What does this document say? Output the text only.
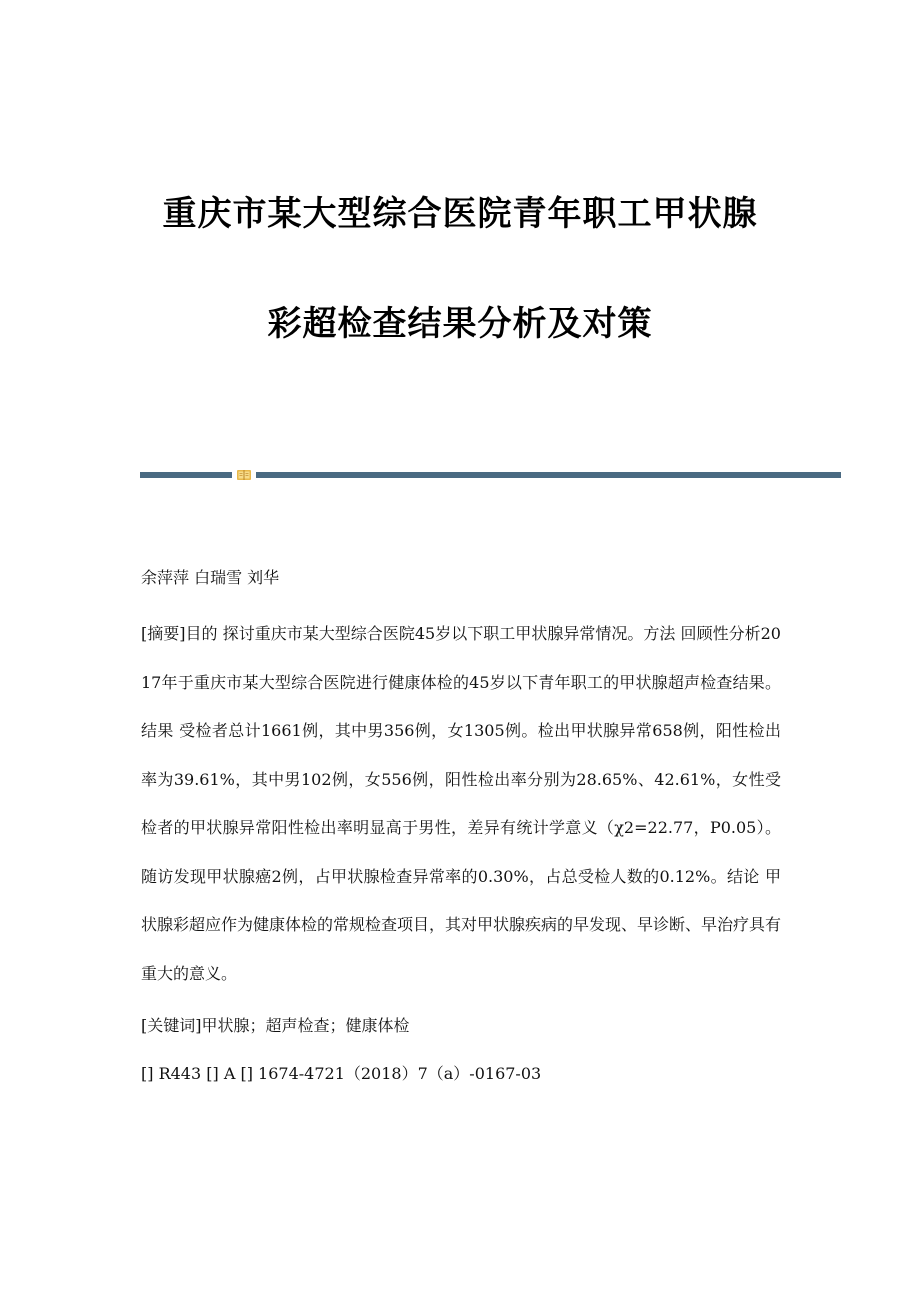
重庆市某大型综合医院青年职工甲状腺
彩超检查结果分析及对策

余萍萍 白瑞雪 刘华

[摘要]目的 探讨重庆市某大型综合医院45岁以下职工甲状腺异常情况。方法 回顾性分析2017年于重庆市某大型综合医院进行健康体检的45岁以下青年职工的甲状腺超声检查结果。结果 受检者总计1661例，其中男356例，女1305例。检出甲状腺异常658例，阳性检出率为39.61%，其中男102例，女556例，阳性检出率分别为28.65%、42.61%，女性受检者的甲状腺异常阳性检出率明显高于男性，差异有统计学意义（χ2=22.77，P0.05）。随访发现甲状腺癌2例，占甲状腺检查异常率的0.30%，占总受检人数的0.12%。结论 甲状腺彩超应作为健康体检的常规检查项目，其对甲状腺疾病的早发现、早诊断、早治疗具有重大的意义。

[关键词]甲状腺；超声检查；健康体检

[] R443 [] A [] 1674-4721（2018）7（a）-0167-03
